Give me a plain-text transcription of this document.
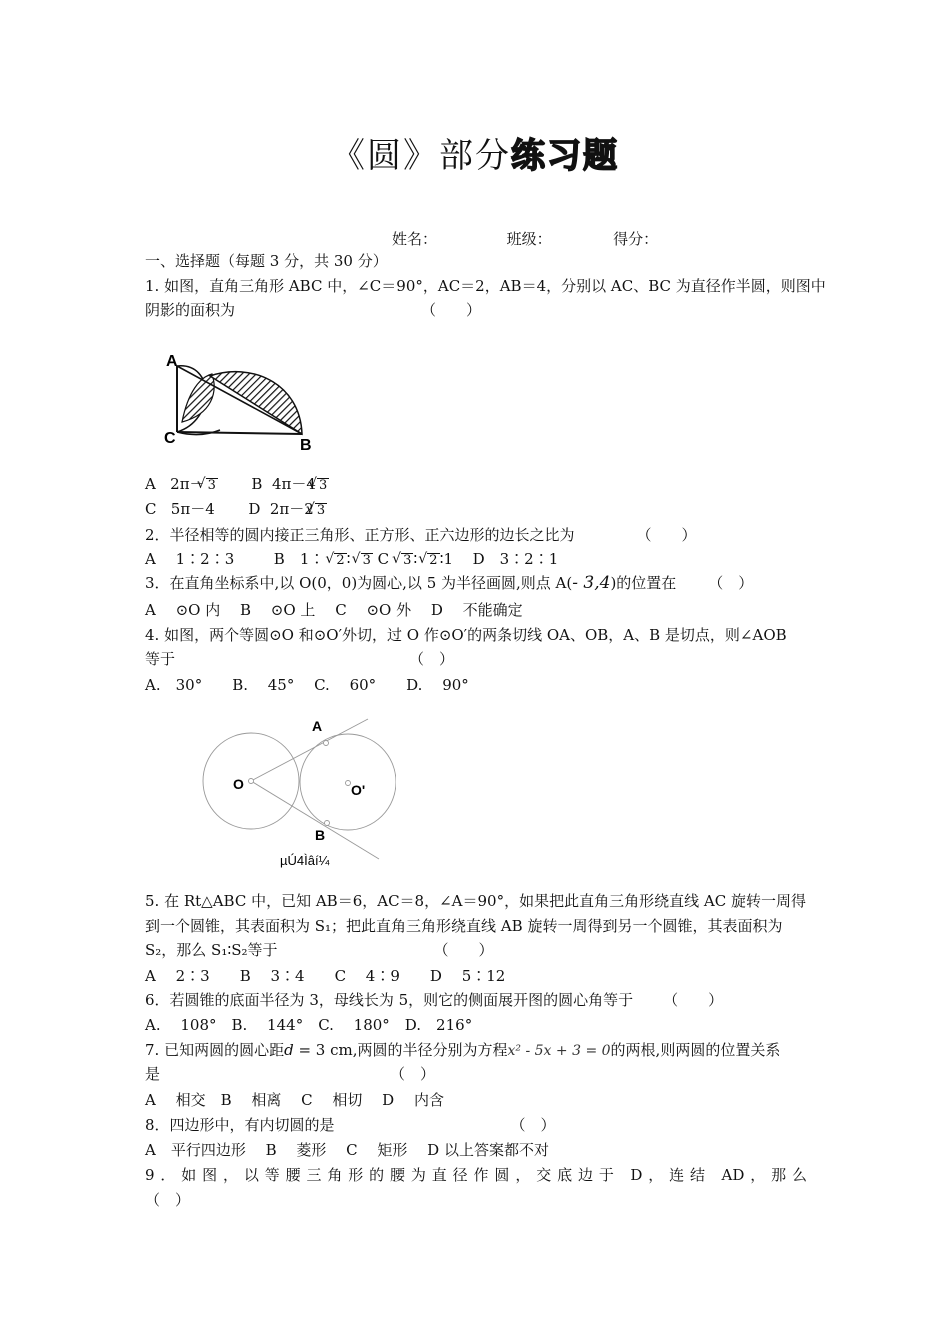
《圆》部分练习题
姓名：	班级：	得分：
一、选择题（每题 3 分，共 30 分）
1. 如图，直角三角形 ABC 中，∠C＝90°，AC＝2，AB＝4，分别以 AC、BC 为直径作半圆，则图中
阴影的面积为	（　　）
A
C	B
A 2π－ √ 3 B 4π－4 √ 3
C 5π－4 D 2π－2 √ 3
2．半径相等的圆内接正三角形、正方形、正六边形的边长之比为	（　　）
A　 1∶2∶3	B　1∶ √ 2 ∶ √ 3 C √ 3 ∶ √ 2 ∶1 D　3∶2∶1
3．在直角坐标系中,以 O(0，0)为圆心,以 5 为半径画圆,则点 A(- 3,4)的位置在 （　）
A　 ⊙O 内　 B　 ⊙O 上　 C　 ⊙O 外　 D　 不能确定
4. 如图，两个等圆⊙O 和⊙O′外切，过 O 作⊙O′的两条切线 OA、OB，A、B 是切点，则∠AOB
等于	（　）
A.　30°　　B.　 45°　 C.　 60°　　D.　 90°
A
O	O'
B
µÚ4Ìâí¼
5. 在 Rt△ABC 中，已知 AB＝6，AC＝8，∠A＝90°，如果把此直角三角形绕直线 AC 旋转一周得
到一个圆锥，其表面积为 S₁；把此直角三角形绕直线 AB 旋转一周得到另一个圆锥，其表面积为
S₂，那么 S₁∶S₂等于	（　　）
A　 2∶3　　B　 3∶4　　C　 4∶9　　D　 5∶12
6．若圆锥的底面半径为 3，母线长为 5，则它的侧面展开图的圆心角等于 （　　）
A.　 108°　B.　 144°　C.　 180°　D.　216°
7. 已知两圆的圆心距d = 3 cm,两圆的半径分别为方程x² - 5x + 3 = 0的两根,则两圆的位置关系
是	（　）
A　 相交　B　 相离　 C　 相切　 D　 内含
8．四边形中，有内切圆的是	（　）
A　平行四边形　 B　 菱形　 C　 矩形　 D 以上答案都不对
9．如图，以等腰三角形的腰为直径作圆，交底边于 D，连结 AD，那么
（　）
